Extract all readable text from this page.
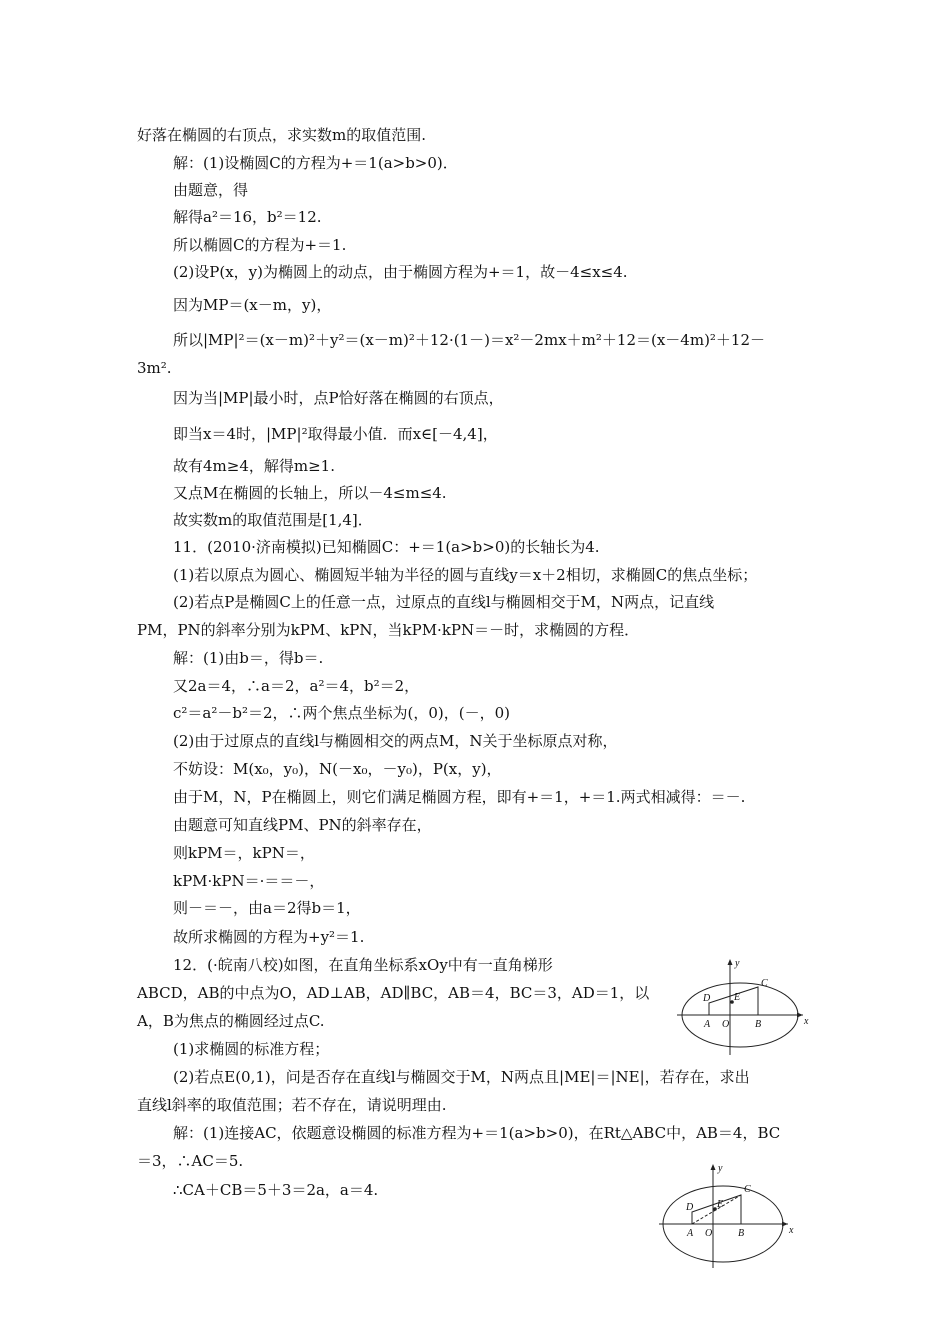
好落在椭圆的右顶点，求实数m的取值范围.
解：(1)设椭圆C的方程为+＝1(a>b>0)．
由题意，得
解得a²＝16，b²＝12.
所以椭圆C的方程为+＝1.
(2)设P(x，y)为椭圆上的动点，由于椭圆方程为+＝1，故－4≤x≤4.
因为MP＝(x－m，y)，
所以|MP|²＝(x－m)²＋y²＝(x－m)²＋12·(1－)＝x²－2mx＋m²＋12＝(x－4m)²＋12－
3m².
因为当|MP|最小时，点P恰好落在椭圆的右顶点，
即当x＝4时，|MP|²取得最小值．而x∈[－4,4]，
故有4m≥4，解得m≥1.
又点M在椭圆的长轴上，所以－4≤m≤4.
故实数m的取值范围是[1,4]．
11．(2010·济南模拟)已知椭圆C：+＝1(a>b>0)的长轴长为4.
(1)若以原点为圆心、椭圆短半轴为半径的圆与直线y＝x＋2相切，求椭圆C的焦点坐标；
(2)若点P是椭圆C上的任意一点，过原点的直线l与椭圆相交于M，N两点，记直线
PM，PN的斜率分别为kPM、kPN，当kPM·kPN＝－时，求椭圆的方程．
解：(1)由b＝，得b＝.
又2a＝4，∴a＝2，a²＝4，b²＝2，
c²＝a²－b²＝2，∴两个焦点坐标为(，0)，(－，0)
(2)由于过原点的直线l与椭圆相交的两点M，N关于坐标原点对称，
不妨设：M(x₀，y₀)，N(－x₀，－y₀)，P(x，y)，
由于M，N，P在椭圆上，则它们满足椭圆方程，即有+＝1，+＝1.两式相减得：＝－.
由题意可知直线PM、PN的斜率存在，
则kPM＝，kPN＝，
kPM·kPN＝·＝＝－，
则－＝－，由a＝2得b＝1，
故所求椭圆的方程为+y²＝1.
12．(·皖南八校)如图，在直角坐标系xOy中有一直角梯形
ABCD，AB的中点为O，AD⊥AB，AD∥BC，AB＝4，BC＝3，AD＝1，以
A，B为焦点的椭圆经过点C.
(1)求椭圆的标准方程；
(2)若点E(0,1)，问是否存在直线l与椭圆交于M，N两点且|ME|＝|NE|，若存在，求出
直线l斜率的取值范围；若不存在，请说明理由.
解：(1)连接AC，依题意设椭圆的标准方程为+＝1(a>b>0)，在Rt△ABC中，AB＝4，BC
＝3，∴AC＝5.
∴CA＋CB＝5＋3＝2a，a＝4.
y
x
C
D E
A O	B
y
x
C
D E
A O	B
